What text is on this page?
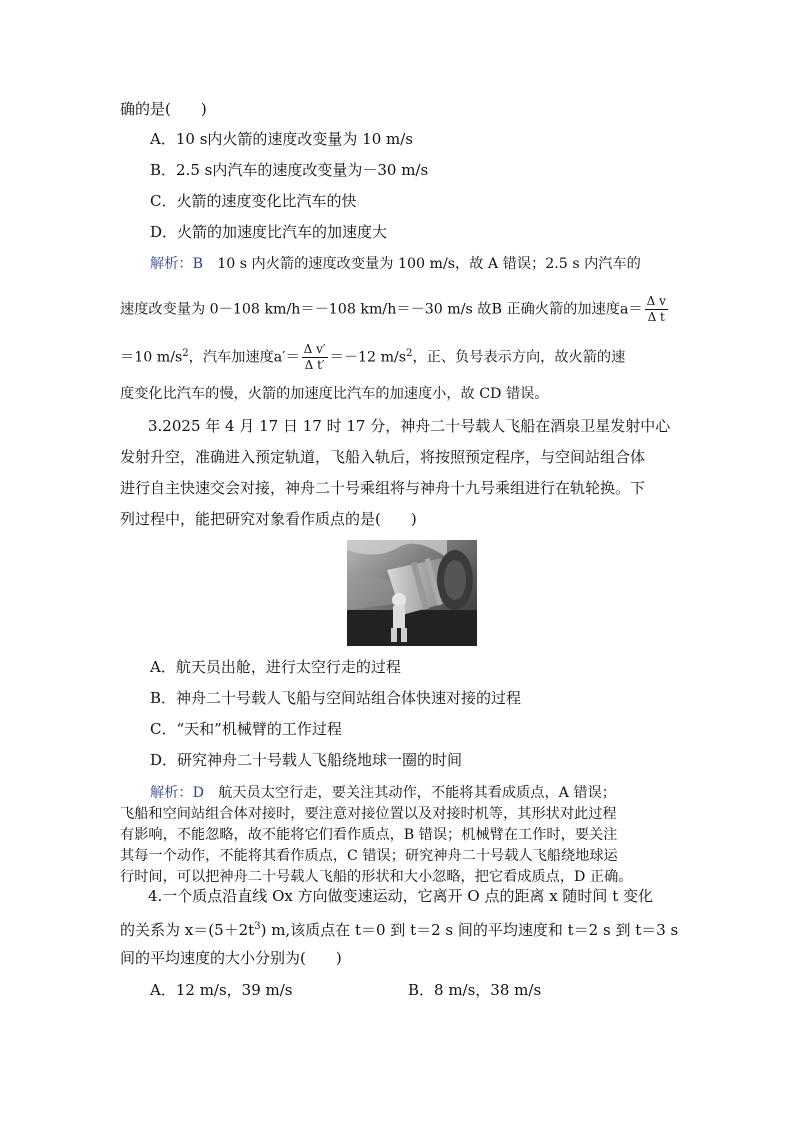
确的是(　　)
A．10 s内火箭的速度改变量为 10 m/s
B．2.5 s内汽车的速度改变量为－30 m/s
C．火箭的速度变化比汽车的快
D．火箭的加速度比汽车的加速度大
解析：B　10 s 内火箭的速度改变量为 100 m/s，故 A 错误；2.5 s 内汽车的
速度改变量为 0－108 km/h＝－108 km/h＝－30 m/s 故B 正确火箭的加速度$a= \frac{\text{Δ v}}{\text{Δ t}}$
＝10 $m/s^2$，汽车加速度$a'= \frac{\text{Δ v′}}{\text{Δ t′}} =-12$ $m/s^2$，正、负号表示方向，故火箭的速
度变化比汽车的慢，火箭的加速度比汽车的加速度小，故 CD 错误。
3.2025 年 4 月 17 日 17 时 17 分，神舟二十号载人飞船在酒泉卫星发射中心
发射升空，准确进入预定轨道，飞船入轨后，将按照预定程序，与空间站组合体
进行自主快速交会对接，神舟二十号乘组将与神舟十九号乘组进行在轨轮换。下
列过程中，能把研究对象看作质点的是(　　)
A．航天员出舱，进行太空行走的过程
B．神舟二十号载人飞船与空间站组合体快速对接的过程
C．“天和”机械臂的工作过程
D．研究神舟二十号载人飞船绕地球一圈的时间
解析：D　航天员太空行走，要关注其动作，不能将其看成质点，A 错误；
飞船和空间站组合体对接时，要注意对接位置以及对接时机等，其形状对此过程
有影响，不能忽略，故不能将它们看作质点，B 错误；机械臂在工作时，要关注
其每一个动作，不能将其看作质点，C 错误；研究神舟二十号载人飞船绕地球运
行时间，可以把神舟二十号载人飞船的形状和大小忽略，把它看成质点，D 正确。
4.一个质点沿直线 Ox 方向做变速运动，它离开 O 点的距离 x 随时间 t 变化
的关系为 $x=(5+2t^3)$ m,该质点在 t＝0 到 t＝2 s 间的平均速度和 t＝2 s 到 t＝3 s
间的平均速度的大小分别为(　　)
A．12 m/s，39 m/s	B．8 m/s，38 m/s
